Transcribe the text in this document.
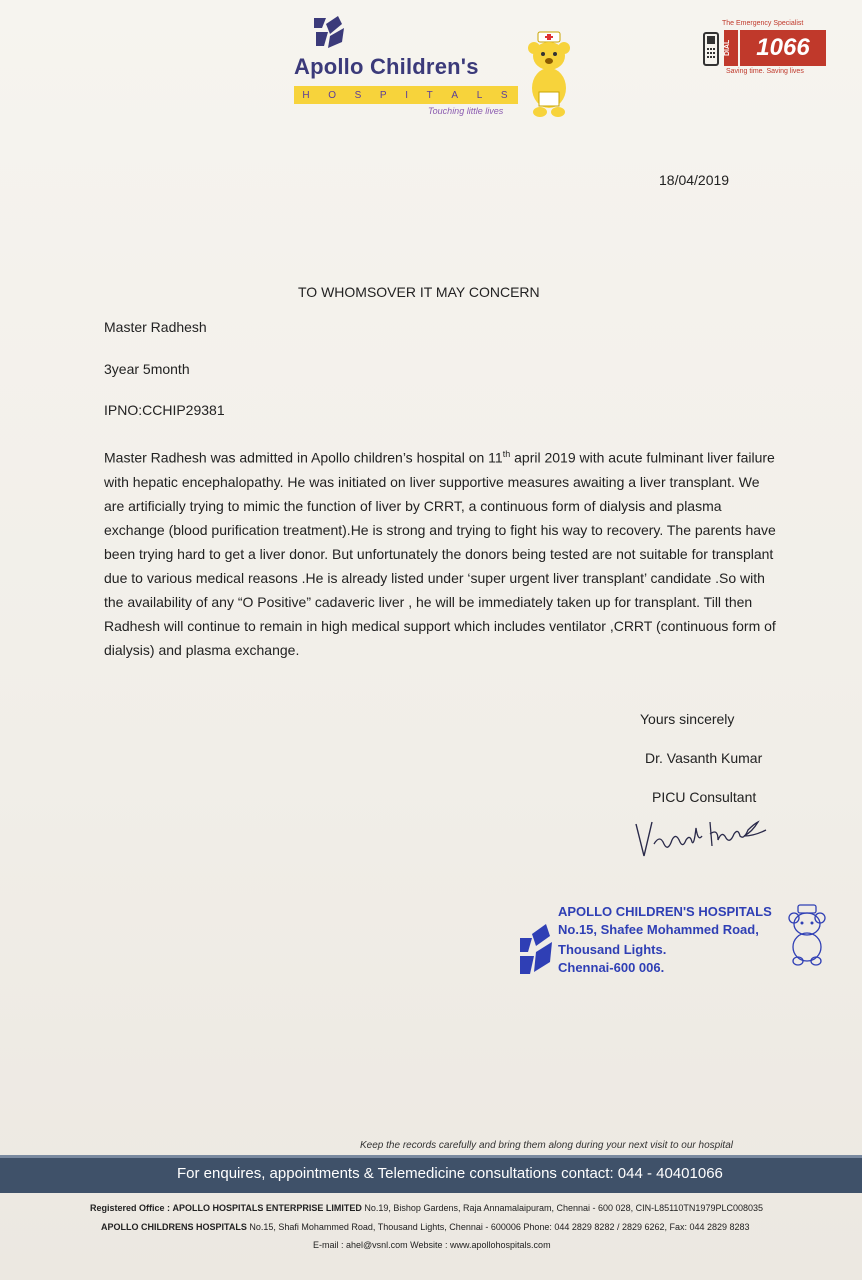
Apollo Children's
H O S P I T A L S
Touching little lives
The Emergency Specialist
DIAL	1066
Saving time. Saving lives
18/04/2019
TO WHOMSOVER IT MAY CONCERN
Master Radhesh
3year 5month
IPNO:CCHIP29381
Master Radhesh was admitted in Apollo children’s hospital on 11th april 2019 with acute fulminant liver failure with hepatic encephalopathy. He was initiated on liver supportive measures awaiting a liver transplant. We are artificially trying to mimic the function of liver by CRRT, a continuous form of dialysis and plasma exchange (blood purification treatment).He is strong and trying to fight his way to recovery. The parents have been trying hard to get a liver donor. But unfortunately the donors being tested are not suitable for transplant due to various medical reasons .He is already listed under ‘super urgent liver transplant’ candidate .So with the availability of any “O Positive” cadaveric liver , he will be immediately taken up for transplant. Till then Radhesh will continue to remain in high medical support which includes ventilator ,CRRT (continuous form of dialysis) and plasma exchange.
Yours sincerely
Dr. Vasanth Kumar
PICU Consultant
APOLLO CHILDREN'S HOSPITALS
No.15, Shafee Mohammed Road,
Thousand Lights.
Chennai-600 006.
Keep the records carefully and bring them along during your next visit to our hospital
For enquires, appointments & Telemedicine consultations contact: 044 - 40401066
Registered Office : APOLLO HOSPITALS ENTERPRISE LIMITED No.19, Bishop Gardens, Raja Annamalaipuram, Chennai - 600 028, CIN-L85110TN1979PLC008035
APOLLO CHILDRENS HOSPITALS No.15, Shafi Mohammed Road, Thousand Lights, Chennai - 600006 Phone: 044 2829 8282 / 2829 6262, Fax: 044 2829 8283
E-mail : ahel@vsnl.com Website : www.apollohospitals.com
